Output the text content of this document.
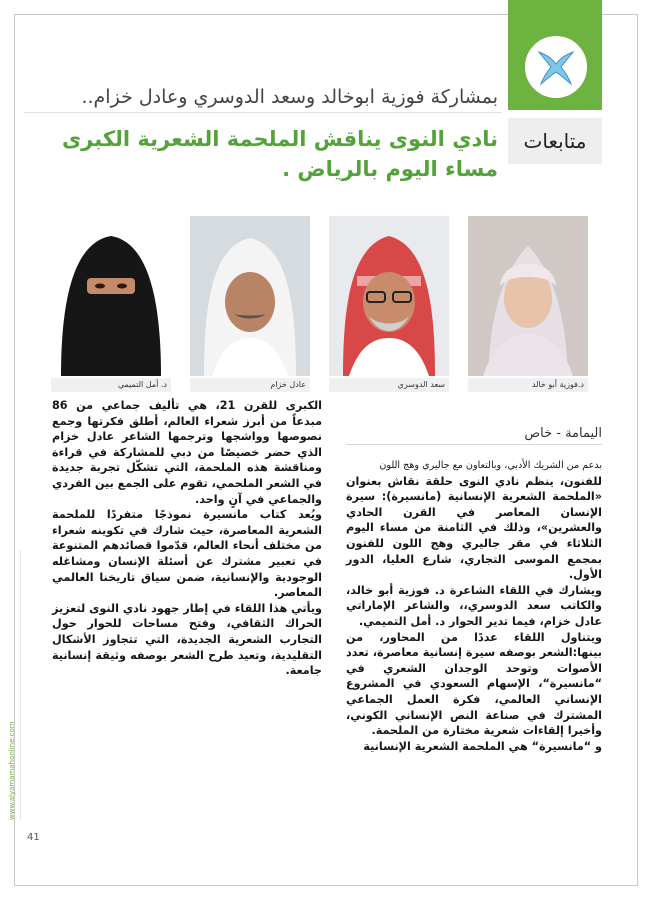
متابعات
بمشاركة فوزية ابوخالد وسعد الدوسري وعادل خزام..
نادي النوى يناقش الملحمة الشعرية الكبرى
مساء اليوم بالرياض .
د.فوزية أبو خالد
سعد الدوسري
عادل خزام
د. أمل التميمي
اليمامة - خاص

بدعم من الشريك الأدبي، وبالتعاون مع جاليري وهج اللون

للفنون، ينظم نادي النوى حلقة نقاش بعنوان «الملحمة الشعرية الإنسانية (مانسيرة): سيرة الإنسان المعاصر في القرن الحادي والعشرين»، وذلك في الثامنة من مساء اليوم الثلاثاء في مقر جاليري وهج اللون للفنون بمجمع الموسى التجاري، شارع العليا، الدور الأول.

ويشارك في اللقاء الشاعرة د. فوزية أبو خالد، والكاتب سعد الدوسري،، والشاعر الإماراتي عادل خزام، فيما تدير الحوار د. أمل التميمي.

ويتناول اللقاء عددًا من المحاور، من بينها:الشعر بوصفه سيرة إنسانية معاصرة، تعدد الأصوات وتوحد الوجدان الشعري في “مانسيرة“، الإسهام السعودي في المشروع الإنساني العالمي، فكرة العمل الجماعي المشترك في صناعة النص الإنساني الكوني، وأخيرا إلقاءات شعرية مختارة من الملحمة.

و “مانسيرة“ هي الملحمة الشعرية الإنسانية

الكبرى للقرن 21، هي تأليف جماعي من 86 مبدعاً من أبرز شعراء العالم، أطلق فكرتها وجمع نصوصها وواشجها وترجمها الشاعر عادل خزام الذي حضر خصيصًا من دبي للمشاركة في قراءة ومناقشة هذه الملحمة، التي تشكّل تجربة جديدة في الشعر الملحمي، تقوم على الجمع بين الفردي والجماعي في آنٍ واحد.

ويُعد كتاب مانسيرة نموذجًا متفردًا للملحمة الشعرية المعاصرة، حيث شارك في تكوينه شعراء من مختلف أنحاء العالم، قدّموا قصائدهم المتنوعة في تعبير مشترك عن أسئلة الإنسان ومشاغله الوجودية والإنسانية، ضمن سياق تاريخنا العالمي المعاصر.

ويأتي هذا اللقاء في إطار جهود نادي النوى لتعزيز الحراك الثقافي، وفتح مساحات للحوار حول التجارب الشعرية الجديدة، التي تتجاوز الأشكال التقليدية، وتعيد طرح الشعر بوصفه وثيقة إنسانية جامعة.

www.alyamamahonline.com
41
